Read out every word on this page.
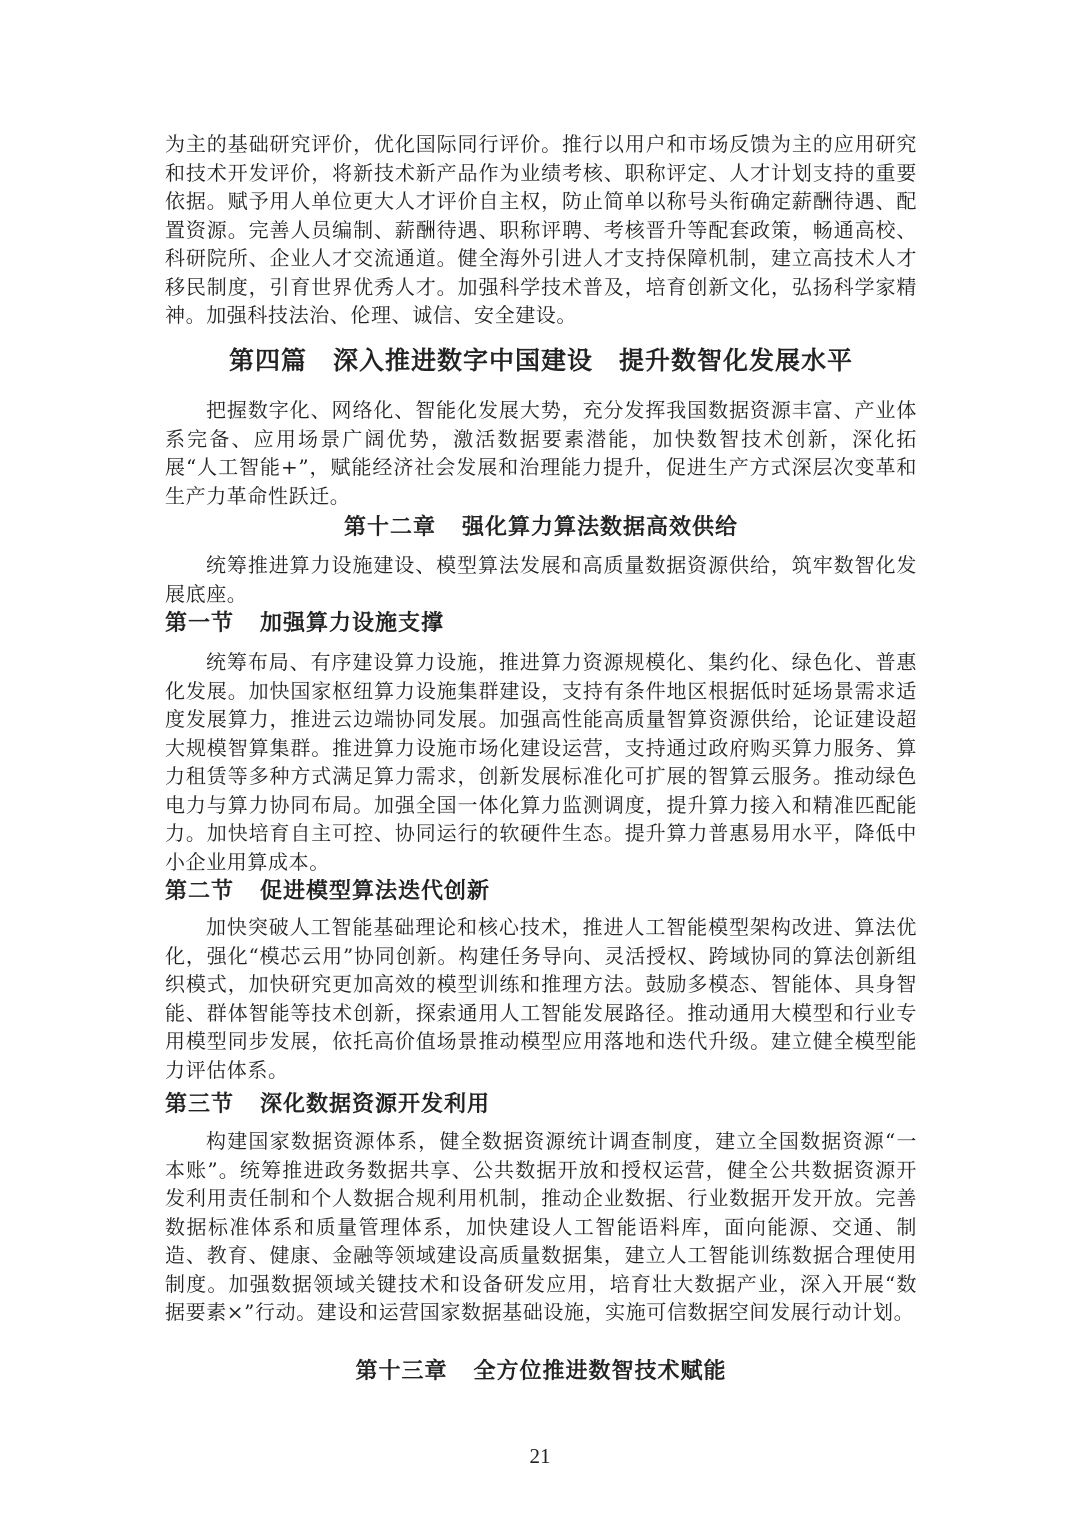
为主的基础研究评价，优化国际同行评价。推行以用户和市场反馈为主的应用研究和技术开发评价，将新技术新产品作为业绩考核、职称评定、人才计划支持的重要依据。赋予用人单位更大人才评价自主权，防止简单以称号头衔确定薪酬待遇、配置资源。完善人员编制、薪酬待遇、职称评聘、考核晋升等配套政策，畅通高校、科研院所、企业人才交流通道。健全海外引进人才支持保障机制，建立高技术人才移民制度，引育世界优秀人才。加强科学技术普及，培育创新文化，弘扬科学家精神。加强科技法治、伦理、诚信、安全建设。

第四篇 深入推进数字中国建设　提升数智化发展水平

把握数字化、网络化、智能化发展大势，充分发挥我国数据资源丰富、产业体系完备、应用场景广阔优势，激活数据要素潜能，加快数智技术创新，深化拓展“人工智能+”，赋能经济社会发展和治理能力提升，促进生产方式深层次变革和生产力革命性跃迁。

第十二章 强化算力算法数据高效供给

统筹推进算力设施建设、模型算法发展和高质量数据资源供给，筑牢数智化发展底座。

第一节 加强算力设施支撑

统筹布局、有序建设算力设施，推进算力资源规模化、集约化、绿色化、普惠化发展。加快国家枢纽算力设施集群建设，支持有条件地区根据低时延场景需求适度发展算力，推进云边端协同发展。加强高性能高质量智算资源供给，论证建设超大规模智算集群。推进算力设施市场化建设运营，支持通过政府购买算力服务、算力租赁等多种方式满足算力需求，创新发展标准化可扩展的智算云服务。推动绿色电力与算力协同布局。加强全国一体化算力监测调度，提升算力接入和精准匹配能力。加快培育自主可控、协同运行的软硬件生态。提升算力普惠易用水平，降低中小企业用算成本。

第二节 促进模型算法迭代创新

加快突破人工智能基础理论和核心技术，推进人工智能模型架构改进、算法优化，强化“模芯云用”协同创新。构建任务导向、灵活授权、跨域协同的算法创新组织模式，加快研究更加高效的模型训练和推理方法。鼓励多模态、智能体、具身智能、群体智能等技术创新，探索通用人工智能发展路径。推动通用大模型和行业专用模型同步发展，依托高价值场景推动模型应用落地和迭代升级。建立健全模型能力评估体系。

第三节 深化数据资源开发利用

构建国家数据资源体系，健全数据资源统计调查制度，建立全国数据资源“一本账”。统筹推进政务数据共享、公共数据开放和授权运营，健全公共数据资源开发利用责任制和个人数据合规利用机制，推动企业数据、行业数据开发开放。完善数据标准体系和质量管理体系，加快建设人工智能语料库，面向能源、交通、制造、教育、健康、金融等领域建设高质量数据集，建立人工智能训练数据合理使用制度。加强数据领域关键技术和设备研发应用，培育壮大数据产业，深入开展“数据要素×”行动。建设和运营国家数据基础设施，实施可信数据空间发展行动计划。

第十三章 全方位推进数智技术赋能
21
